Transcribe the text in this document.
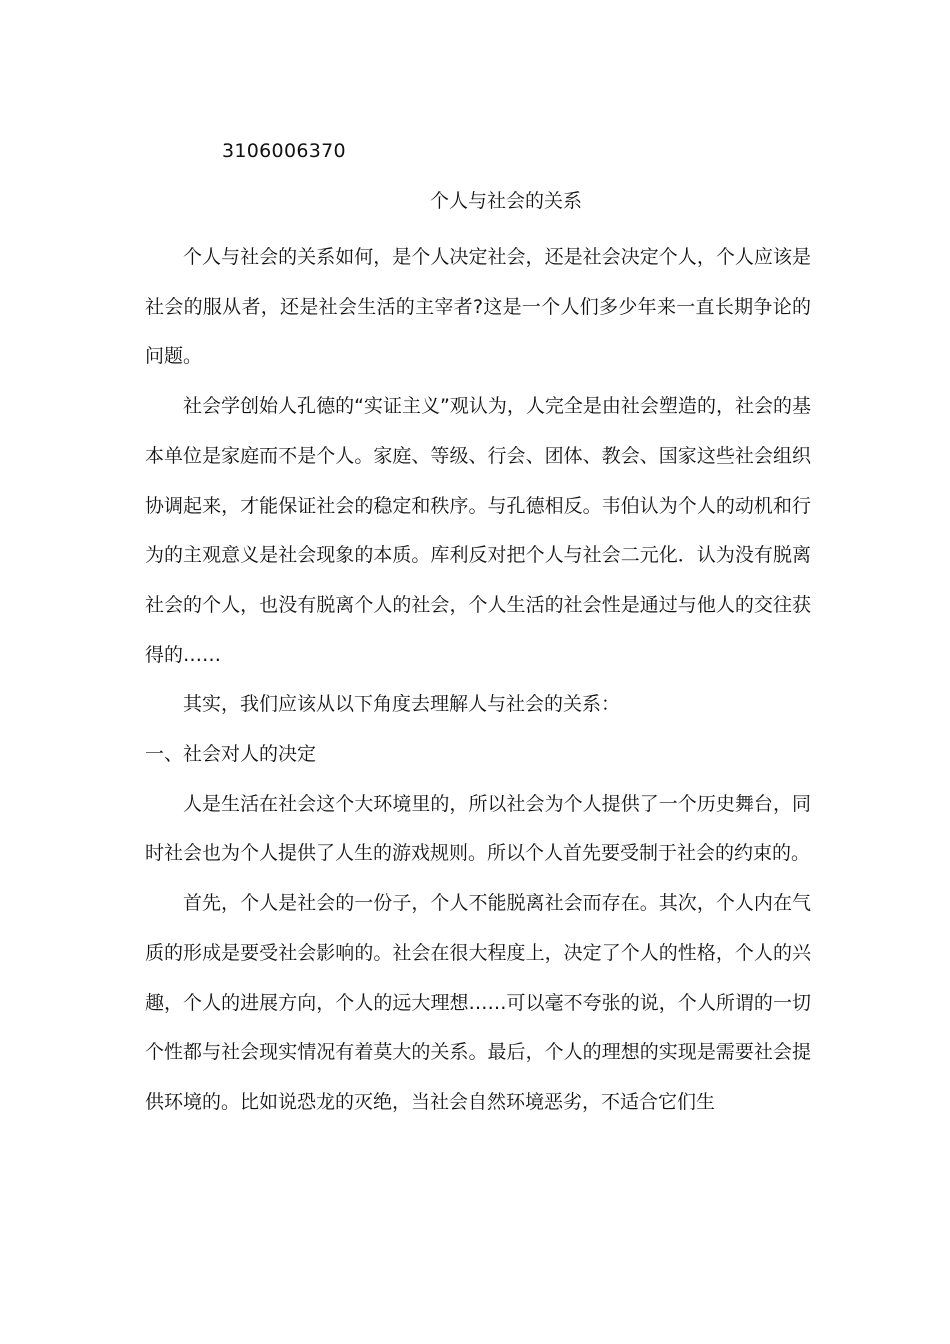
3106006370
个人与社会的关系

个人与社会的关系如何，是个人决定社会，还是社会决定个人，个人应该是社会的服从者，还是社会生活的主宰者?这是一个人们多少年来一直长期争论的问题。

社会学创始人孔德的“实证主义”观认为，人完全是由社会塑造的，社会的基本单位是家庭而不是个人。家庭、等级、行会、团体、教会、国家这些社会组织协调起来，才能保证社会的稳定和秩序。与孔德相反。韦伯认为个人的动机和行为的主观意义是社会现象的本质。库利反对把个人与社会二元化．认为没有脱离社会的个人，也没有脱离个人的社会，个人生活的社会性是通过与他人的交往获得的……

其实，我们应该从以下角度去理解人与社会的关系：

一、社会对人的决定

人是生活在社会这个大环境里的，所以社会为个人提供了一个历史舞台，同时社会也为个人提供了人生的游戏规则。所以个人首先要受制于社会的约束的。

首先，个人是社会的一份子，个人不能脱离社会而存在。其次，个人内在气质的形成是要受社会影响的。社会在很大程度上，决定了个人的性格，个人的兴趣，个人的进展方向，个人的远大理想……可以毫不夸张的说，个人所谓的一切个性都与社会现实情况有着莫大的关系。最后，个人的理想的实现是需要社会提供环境的。比如说恐龙的灭绝，当社会自然环境恶劣，不适合它们生
